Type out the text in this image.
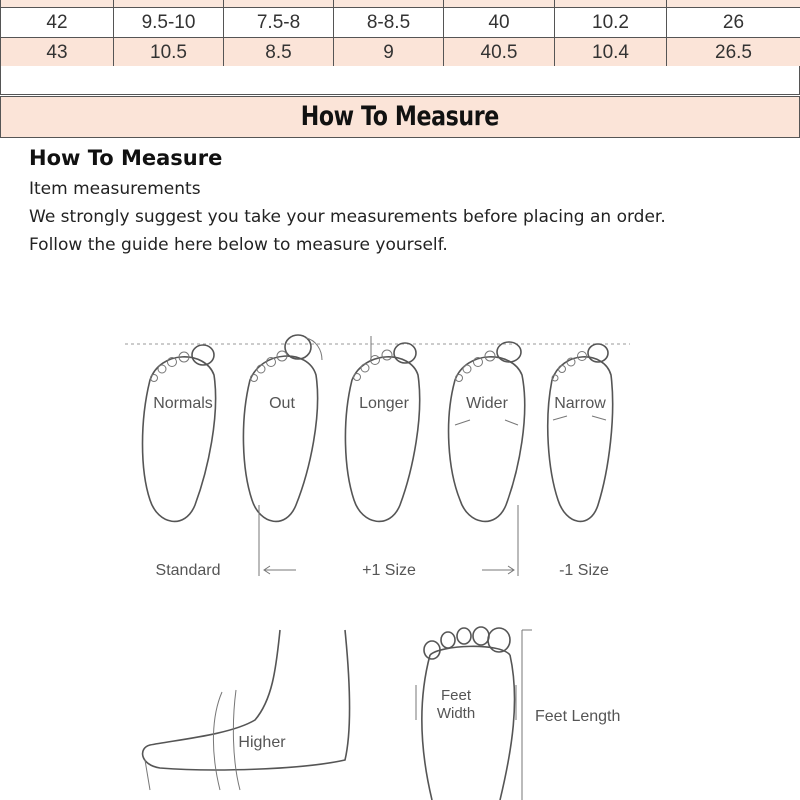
42	9.5-10	7.5-8	8-8.5	40	10.2	26
43	10.5	8.5	9	40.5	10.4	26.5
How To Measure
How To Measure

Item measurements

We strongly suggest you take your measurements before placing an order.

Follow the guide here below to measure yourself.

Normals	Out	Longer	Wider	Narrow
Standard	+1 Size	-1 Size
Higher
Feet
Width	Feet Length
